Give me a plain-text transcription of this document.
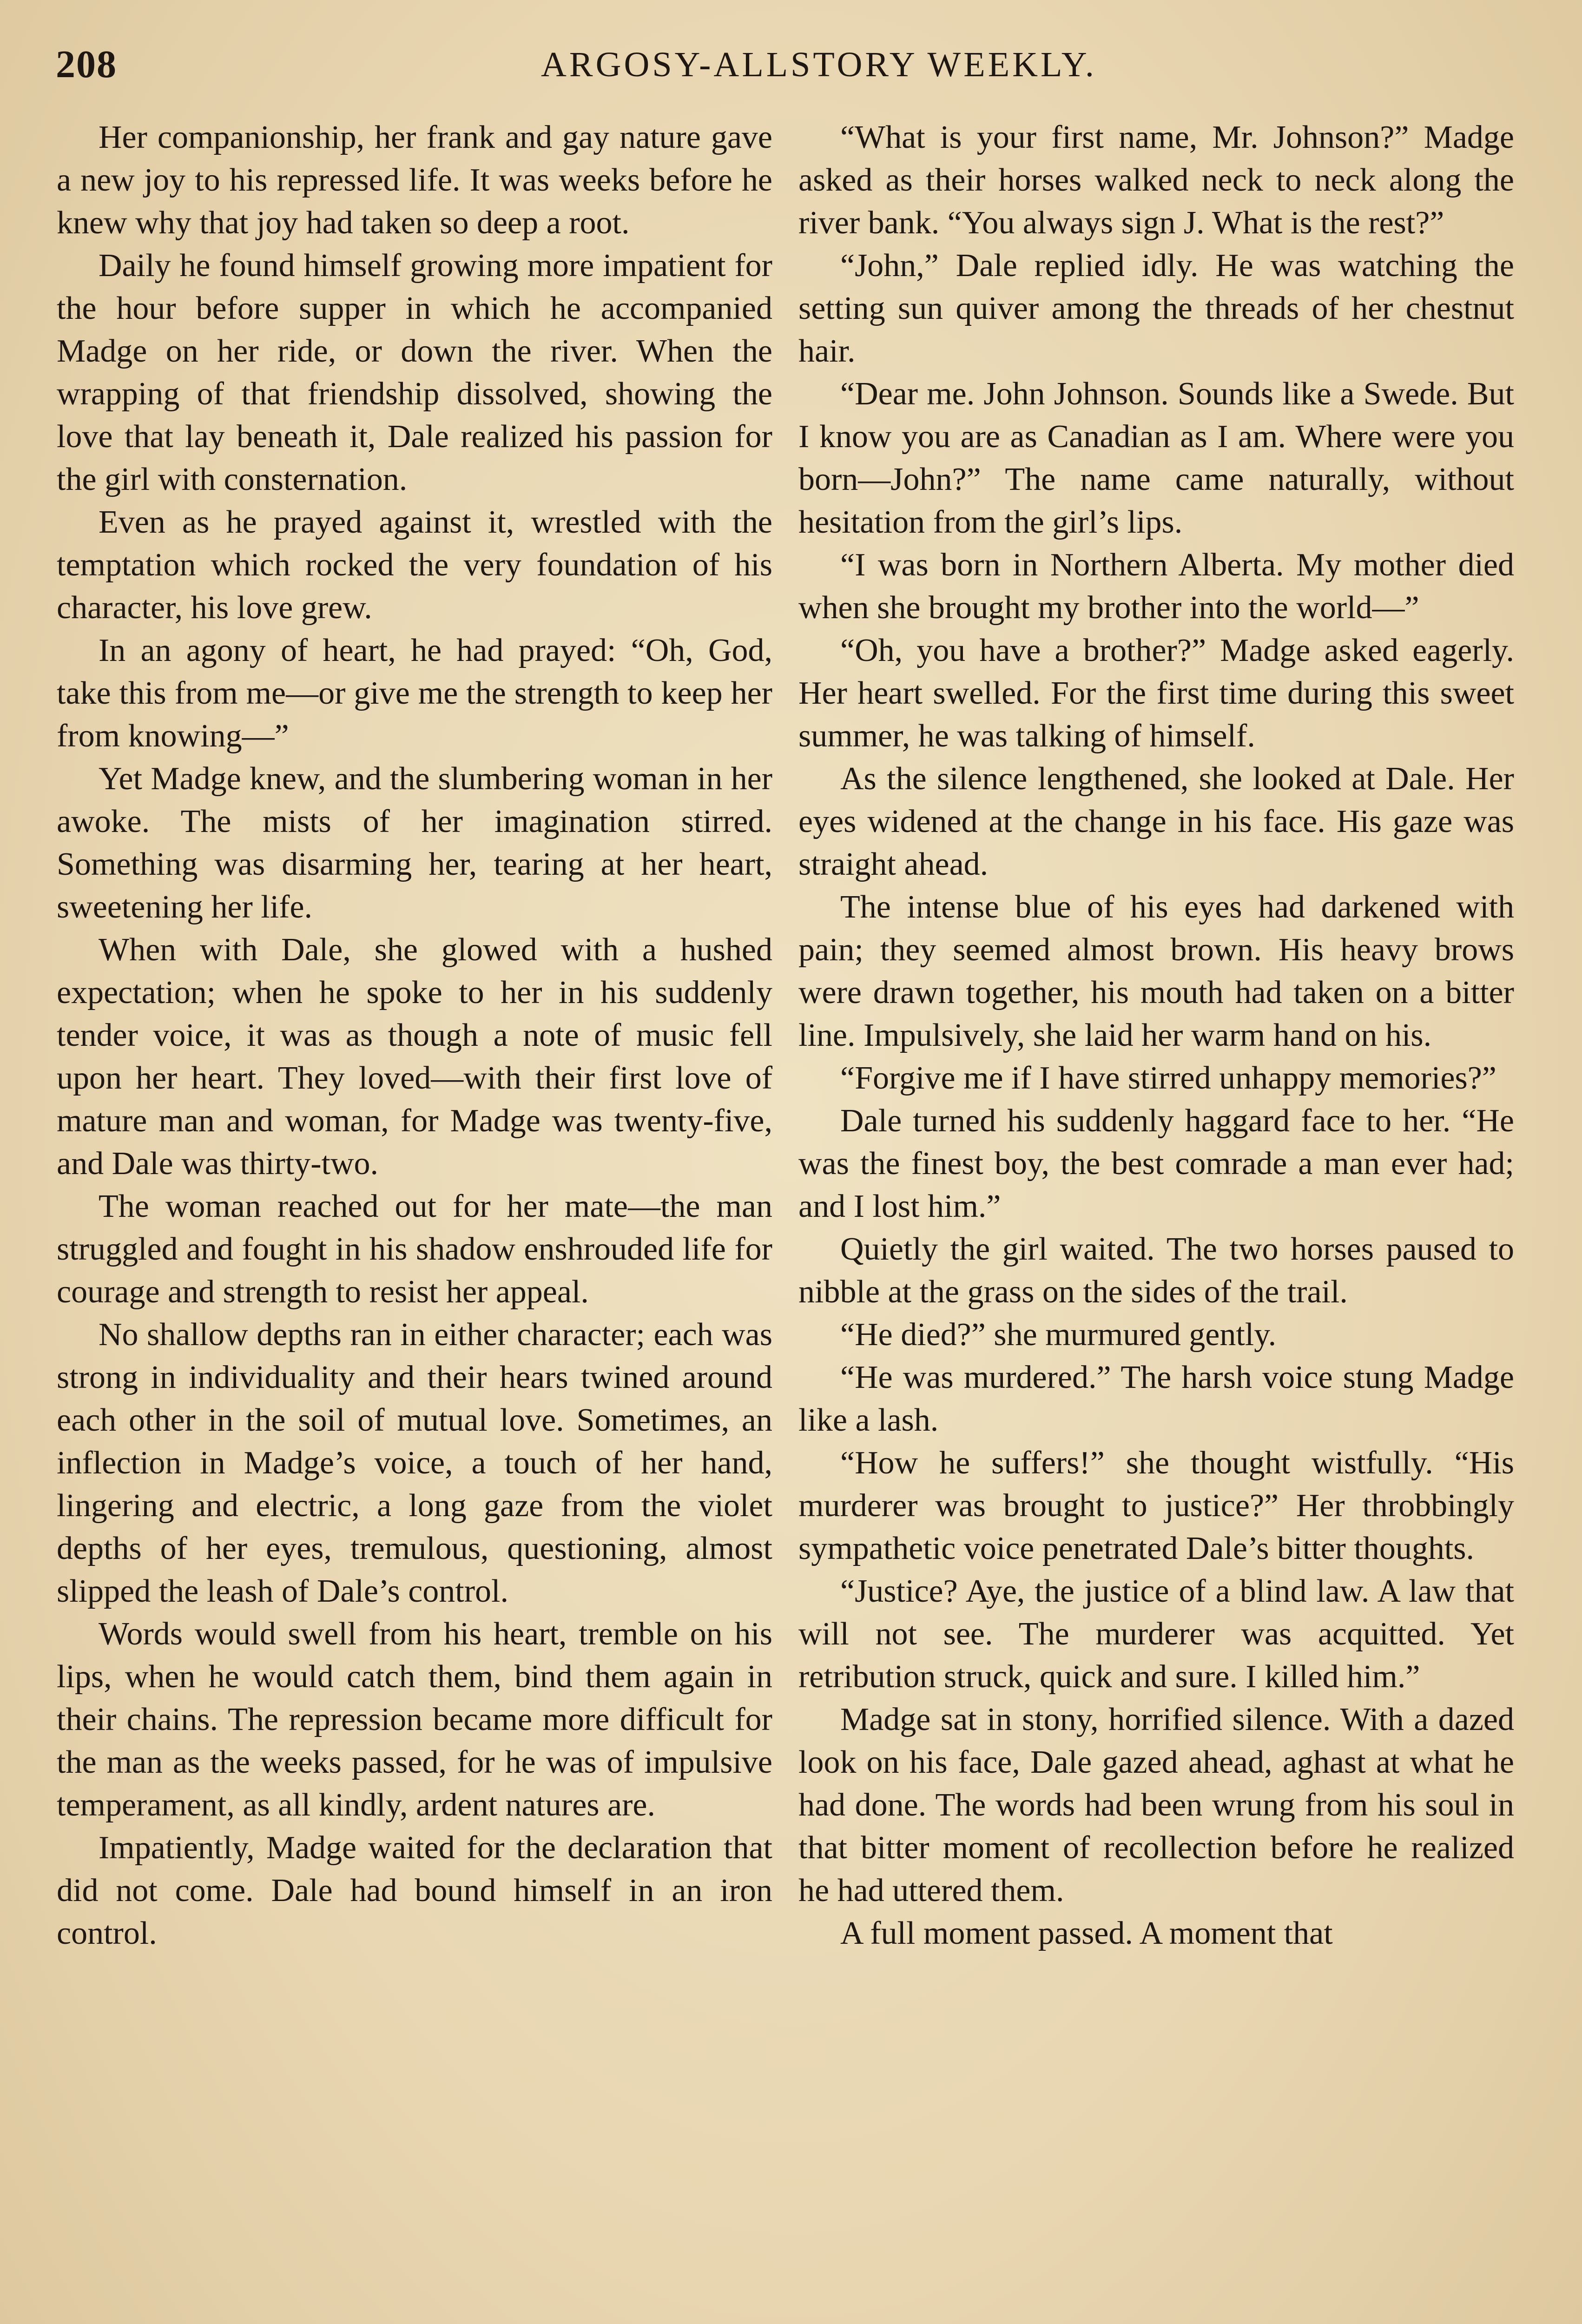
208	ARGOSY-ALLSTORY WEEKLY.

Her companionship, her frank and gay nature gave a new joy to his repressed life. It was weeks before he knew why that joy had taken so deep a root.

Daily he found himself growing more impatient for the hour before supper in which he accompanied Madge on her ride, or down the river. When the wrapping of that friendship dissolved, showing the love that lay beneath it, Dale realized his passion for the girl with consternation.

Even as he prayed against it, wrestled with the temptation which rocked the very foundation of his character, his love grew.

In an agony of heart, he had prayed: “Oh, God, take this from me—or give me the strength to keep her from knowing—”

Yet Madge knew, and the slumbering woman in her awoke. The mists of her imagination stirred. Something was disarming her, tearing at her heart, sweetening her life.

When with Dale, she glowed with a hushed expectation; when he spoke to her in his suddenly tender voice, it was as though a note of music fell upon her heart. They loved—with their first love of mature man and woman, for Madge was twenty-five, and Dale was thirty-two.

The woman reached out for her mate—the man struggled and fought in his shadow enshrouded life for courage and strength to resist her appeal.

No shallow depths ran in either character; each was strong in individuality and their hears twined around each other in the soil of mutual love. Sometimes, an inflection in Madge’s voice, a touch of her hand, lingering and electric, a long gaze from the violet depths of her eyes, tremulous, questioning, almost slipped the leash of Dale’s control.

Words would swell from his heart, tremble on his lips, when he would catch them, bind them again in their chains. The repression became more difficult for the man as the weeks passed, for he was of impulsive temperament, as all kindly, ardent natures are.

Impatiently, Madge waited for the declaration that did not come. Dale had bound himself in an iron control.

“What is your first name, Mr. Johnson?” Madge asked as their horses walked neck to neck along the river bank. “You always sign J. What is the rest?”

“John,” Dale replied idly. He was watching the setting sun quiver among the threads of her chestnut hair.

“Dear me. John Johnson. Sounds like a Swede. But I know you are as Canadian as I am. Where were you born—John?” The name came naturally, without hesitation from the girl’s lips.

“I was born in Northern Alberta. My mother died when she brought my brother into the world—”

“Oh, you have a brother?” Madge asked eagerly. Her heart swelled. For the first time during this sweet summer, he was talking of himself.

As the silence lengthened, she looked at Dale. Her eyes widened at the change in his face. His gaze was straight ahead.

The intense blue of his eyes had darkened with pain; they seemed almost brown. His heavy brows were drawn together, his mouth had taken on a bitter line. Impulsively, she laid her warm hand on his.

“Forgive me if I have stirred unhappy memories?”

Dale turned his suddenly haggard face to her. “He was the finest boy, the best comrade a man ever had; and I lost him.”

Quietly the girl waited. The two horses paused to nibble at the grass on the sides of the trail.

“He died?” she murmured gently.

“He was murdered.” The harsh voice stung Madge like a lash.

“How he suffers!” she thought wistfully. “His murderer was brought to justice?” Her throbbingly sympathetic voice penetrated Dale’s bitter thoughts.

“Justice? Aye, the justice of a blind law. A law that will not see. The murderer was acquitted. Yet retribution struck, quick and sure. I killed him.”

Madge sat in stony, horrified silence. With a dazed look on his face, Dale gazed ahead, aghast at what he had done. The words had been wrung from his soul in that bitter moment of recollection before he realized he had uttered them.

A full moment passed. A moment that
